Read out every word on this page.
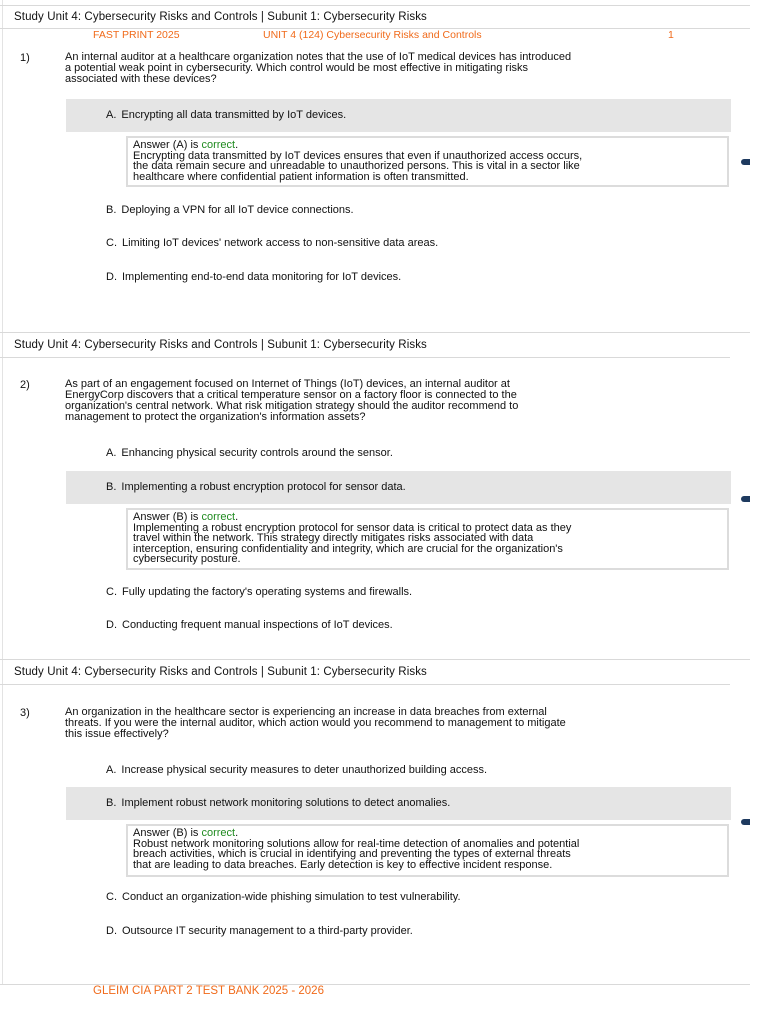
Study Unit 4: Cybersecurity Risks and Controls | Subunit 1: Cybersecurity Risks
FAST PRINT 2025	UNIT 4 (124) Cybersecurity Risks and Controls	1
1)	An internal auditor at a healthcare organization notes that the use of IoT medical devices has introduced
a potential weak point in cybersecurity. Which control would be most effective in mitigating risks
associated with these devices?
A. Encrypting all data transmitted by IoT devices.
Answer (A) is correct.
Encrypting data transmitted by IoT devices ensures that even if unauthorized access occurs,
the data remain secure and unreadable to unauthorized persons. This is vital in a sector like
healthcare where confidential patient information is often transmitted.
B. Deploying a VPN for all IoT device connections.
C. Limiting IoT devices' network access to non-sensitive data areas.
D. Implementing end-to-end data monitoring for IoT devices.
Study Unit 4: Cybersecurity Risks and Controls | Subunit 1: Cybersecurity Risks
2)	As part of an engagement focused on Internet of Things (IoT) devices, an internal auditor at
EnergyCorp discovers that a critical temperature sensor on a factory floor is connected to the
organization's central network. What risk mitigation strategy should the auditor recommend to
management to protect the organization's information assets?
A. Enhancing physical security controls around the sensor.
B. Implementing a robust encryption protocol for sensor data.
Answer (B) is correct.
Implementing a robust encryption protocol for sensor data is critical to protect data as they
travel within the network. This strategy directly mitigates risks associated with data
interception, ensuring confidentiality and integrity, which are crucial for the organization's
cybersecurity posture.
C. Fully updating the factory's operating systems and firewalls.
D. Conducting frequent manual inspections of IoT devices.
Study Unit 4: Cybersecurity Risks and Controls | Subunit 1: Cybersecurity Risks
3)	An organization in the healthcare sector is experiencing an increase in data breaches from external
threats. If you were the internal auditor, which action would you recommend to management to mitigate
this issue effectively?
A. Increase physical security measures to deter unauthorized building access.
B. Implement robust network monitoring solutions to detect anomalies.
Answer (B) is correct.
Robust network monitoring solutions allow for real-time detection of anomalies and potential
breach activities, which is crucial in identifying and preventing the types of external threats
that are leading to data breaches. Early detection is key to effective incident response.
C. Conduct an organization-wide phishing simulation to test vulnerability.
D. Outsource IT security management to a third-party provider.
GLEIM CIA PART 2 TEST BANK 2025 - 2026
